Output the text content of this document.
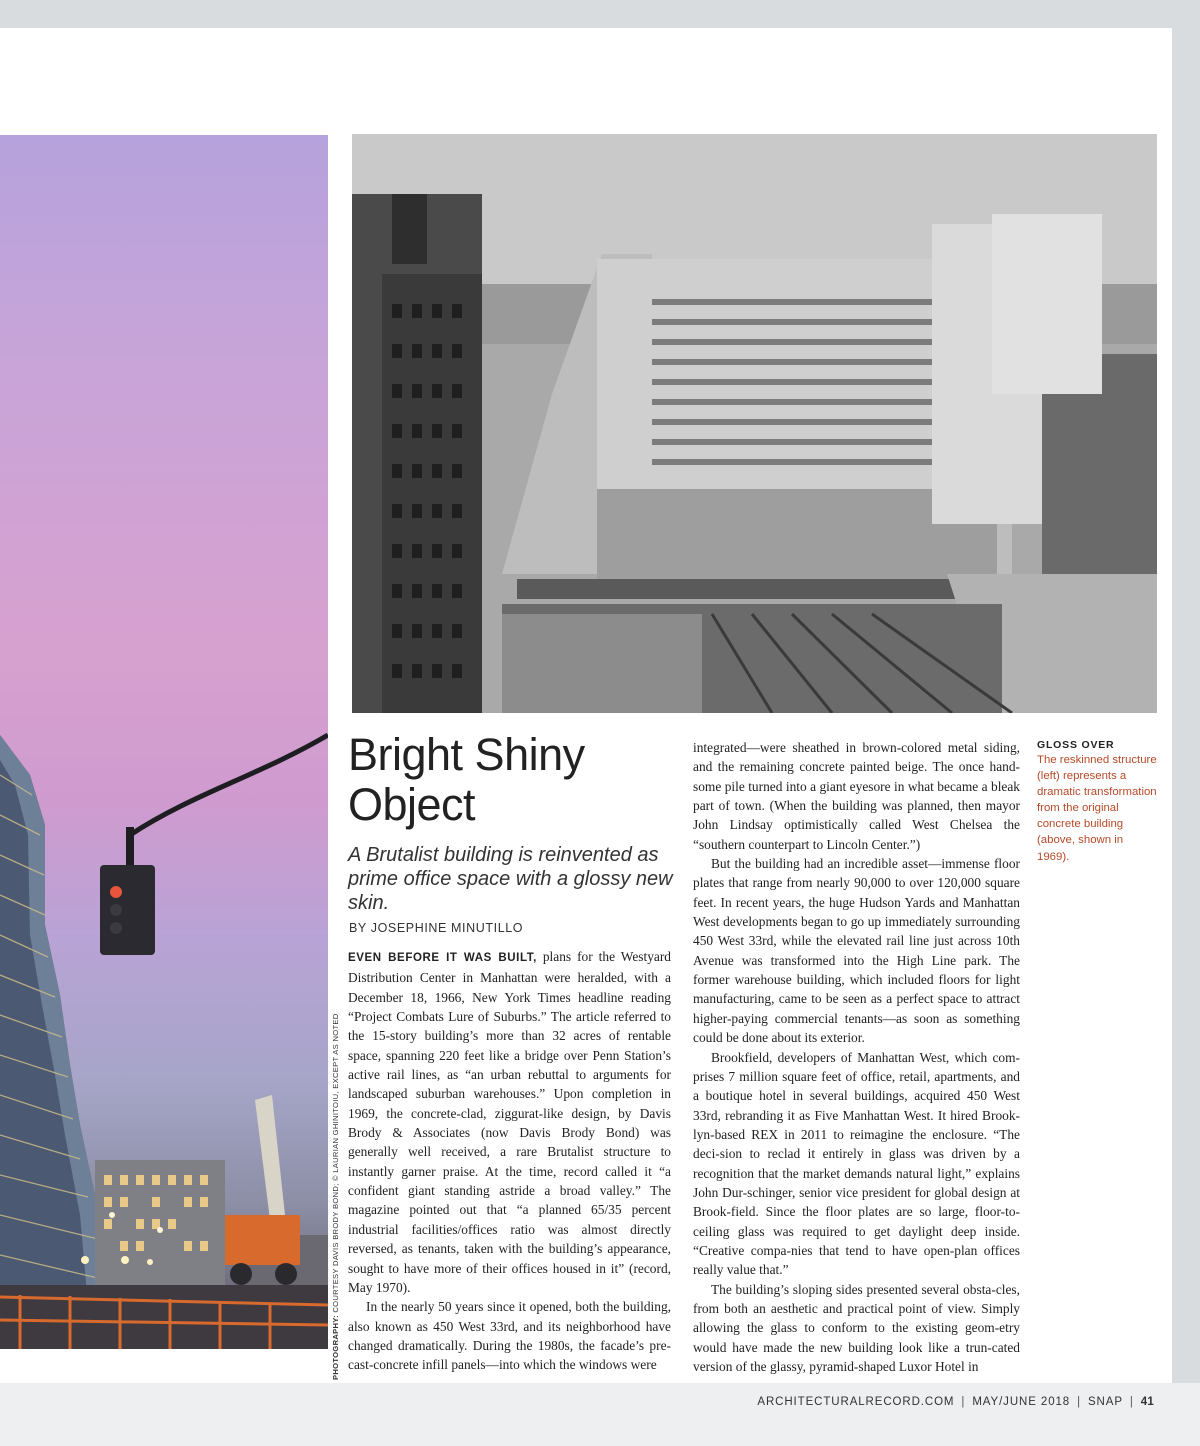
PHOTOGRAPHY: COURTESY DAVIS BRODY BOND; © LAURIAN GHINITOIU, EXCEPT AS NOTED
Bright Shiny Object

A Brutalist building is reinvented as prime office space with a glossy new skin.

BY JOSEPHINE MINUTILLO

EVEN BEFORE IT WAS BUILT, plans for the Westyard Distribution Center in Manhattan were heralded, with a December 18, 1966, New York Times headline reading “Project Combats Lure of Suburbs.” The article referred to the 15-story building’s more than 32 acres of rentable space, spanning 220 feet like a bridge over Penn Station’s active rail lines, as “an urban rebuttal to arguments for landscaped suburban warehouses.” Upon completion in 1969, the concrete-clad, ziggurat-like design, by Davis Brody & Associates (now Davis Brody Bond) was generally well received, a rare Brutalist structure to instantly garner praise. At the time, record called it “a confident giant standing astride a broad valley.” The magazine pointed out that “a planned 65/35 percent industrial facilities/offices ratio was almost directly reversed, as tenants, taken with the building’s appearance, sought to have more of their offices housed in it” (record, May 1970).

In the nearly 50 years since it opened, both the building, also known as 450 West 33rd, and its neighborhood have changed dramatically. During the 1980s, the facade’s pre-cast-concrete infill panels—into which the windows were

integrated—were sheathed in brown-colored metal siding, and the remaining concrete painted beige. The once hand-some pile turned into a giant eyesore in what became a bleak part of town. (When the building was planned, then mayor John Lindsay optimistically called West Chelsea the “southern counterpart to Lincoln Center.”)

But the building had an incredible asset—immense floor plates that range from nearly 90,000 to over 120,000 square feet. In recent years, the huge Hudson Yards and Manhattan West developments began to go up immediately surrounding 450 West 33rd, while the elevated rail line just across 10th Avenue was transformed into the High Line park. The former warehouse building, which included floors for light manufacturing, came to be seen as a perfect space to attract higher-paying commercial tenants—as soon as something could be done about its exterior.

Brookfield, developers of Manhattan West, which com-prises 7 million square feet of office, retail, apartments, and a boutique hotel in several buildings, acquired 450 West 33rd, rebranding it as Five Manhattan West. It hired Brook-lyn-based REX in 2011 to reimagine the enclosure. “The deci-sion to reclad it entirely in glass was driven by a recognition that the market demands natural light,” explains John Dur-schinger, senior vice president for global design at Brook-field. Since the floor plates are so large, floor-to-ceiling glass was required to get daylight deep inside. “Creative compa-nies that tend to have open-plan offices really value that.”

The building’s sloping sides presented several obsta-cles, from both an aesthetic and practical point of view. Simply allowing the glass to conform to the existing geom-etry would have made the new building look like a trun-cated version of the glassy, pyramid-shaped Luxor Hotel in

GLOSS OVER
The reskinned structure (left) represents a dramatic transformation from the original concrete building (above, shown in 1969).
ARCHITECTURALRECORD.COM | MAY/JUNE 2018 | SNAP | 41
